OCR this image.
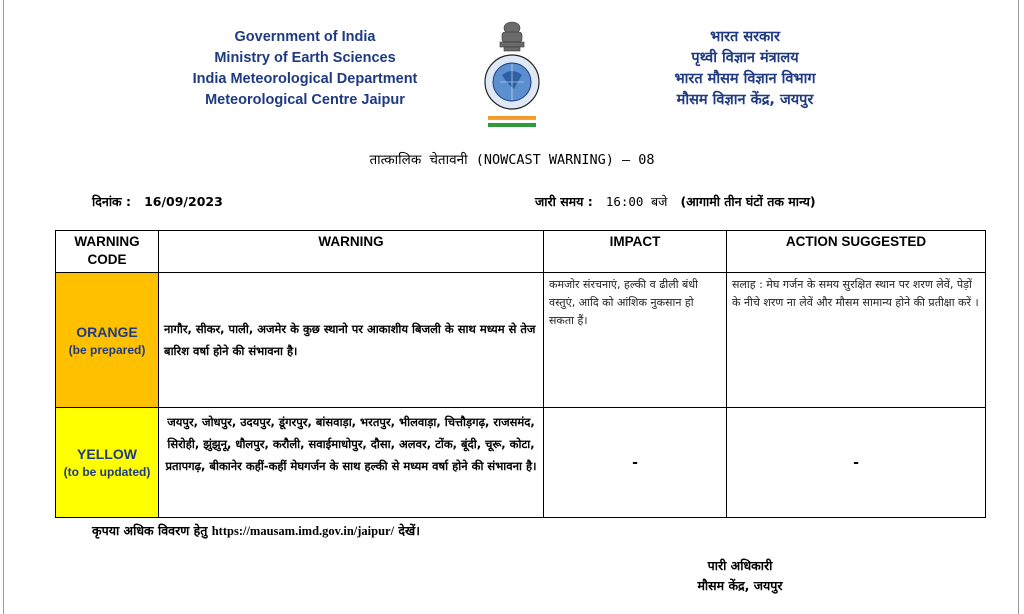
Government of India
Ministry of Earth Sciences
India Meteorological Department
Meteorological Centre Jaipur
भारत सरकार
पृथ्वी विज्ञान मंत्रालय
भारत मौसम विज्ञान विभाग
मौसम विज्ञान केंद्र, जयपुर
तात्कालिक चेतावनी (NOWCAST WARNING) – 08
दिनांक : 16/09/2023	जारी समय : 16:00 बजे (आगामी तीन घंटों तक मान्य)
WARNING CODE	WARNING	IMPACT	ACTION SUGGESTED

ORANGE
(be prepared)	नागौर, सीकर, पाली, अजमेर के कुछ स्थानो पर आकाशीय बिजली के साथ मध्यम से तेज बारिश वर्षा होने की संभावना है।	कमजोर संरचनाएं, हल्की व ढीली बंधी वस्तुएं, आदि को आंशिक नुकसान हो सकता हैं।	सलाह : मेघ गर्जन के समय सुरक्षित स्थान पर शरण लेवें, पेड़ों के नीचे शरण ना लेवें और मौसम सामान्य होने की प्रतीक्षा करें ।

YELLOW
(to be updated)	जयपुर, जोधपुर, उदयपुर, डूंगरपुर, बांसवाड़ा, भरतपुर, भीलवाड़ा, चित्तौड़गढ़, राजसमंद, सिरोही, झुंझुनू, धौलपुर, करौली, सवाईमाधोपुर, दौसा, अलवर, टोंक, बूंदी, चूरू, कोटा, प्रतापगढ़, बीकानेर कहीं-कहीं मेघगर्जन के साथ हल्की से मध्यम वर्षा होने की संभावना है।	-	-
कृपया अधिक विवरण हेतु https://mausam.imd.gov.in/jaipur/ देखें।
पारी अधिकारी
मौसम केंद्र, जयपुर
